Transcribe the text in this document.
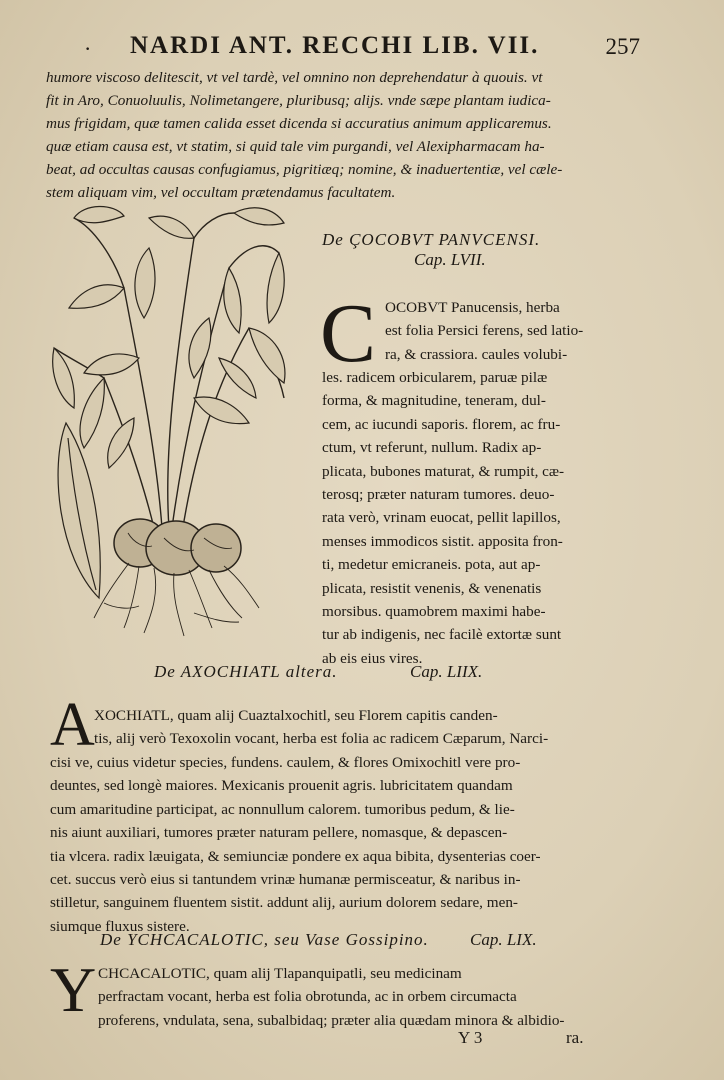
· NARDI ANT. RECCHI LIB. VII.	257
humore viscoso delitescit, vt vel tardè, vel omnino non deprehendatur à quouis. vt
fit in Aro, Conuoluulis, Nolimetangere, pluribusq; alijs. vnde sæpe plantam iudica-
mus frigidam, quæ tamen calida esset dicenda si accuratius animum applicaremus.
quæ etiam causa est, vt statim, si quid tale vim purgandi, vel Alexipharmacam ha-
beat, ad occultas causas confugiamus, pigritiæq; nomine, & inaduertentiæ, vel cæle-
stem aliquam vim, vel occultam prætendamus facultatem.
De ÇOCOBVT PANVCENSI.
Cap. LVII.
C OCOBVT Panucensis, herba
est folia Persici ferens, sed latio-
ra, & crassiora. caules volubi-
les. radicem orbicularem, paruæ pilæ
forma, & magnitudine, teneram, dul-
cem, ac iucundi saporis. florem, ac fru-
ctum, vt referunt, nullum. Radix ap-
plicata, bubones maturat, & rumpit, cæ-
terosq; præter naturam tumores. deuo-
rata verò, vrinam euocat, pellit lapillos,
menses immodicos sistit. apposita fron-
ti, medetur emicraneis. pota, aut ap-
plicata, resistit venenis, & venenatis
morsibus. quamobrem maximi habe-
tur ab indigenis, nec facilè extortæ sunt
ab eis eius vires.
De AXOCHIATL altera.	Cap. LIIX.
A XOCHIATL, quam alij Cuaztalxochitl, seu Florem capitis canden-
tis, alij verò Texoxolin vocant, herba est folia ac radicem Cæparum, Narci-
cisi ve, cuius videtur species, fundens. caulem, & flores Omixochitl vere pro-
deuntes, sed longè maiores. Mexicanis prouenit agris. lubricitatem quandam
cum amaritudine participat, ac nonnullum calorem. tumoribus pedum, & lie-
nis aiunt auxiliari, tumores præter naturam pellere, nomasque, & depascen-
tia vlcera. radix læuigata, & semiunciæ pondere ex aqua bibita, dysenterias coer-
cet. succus verò eius si tantundem vrinæ humanæ permisceatur, & naribus in-
stilletur, sanguinem fluentem sistit. addunt alij, aurium dolorem sedare, men-
siumque fluxus sistere.
De YCHCACALOTIC, seu Vase Gossipino. Cap. LIX.
Y CHCACALOTIC, quam alij Tlapanquipatli, seu medicinam
perfractam vocant, herba est folia obrotunda, ac in orbem circumacta
proferens, vndulata, sena, subalbidaq; præter alia quædam minora & albidio-
Y 3	ra.
